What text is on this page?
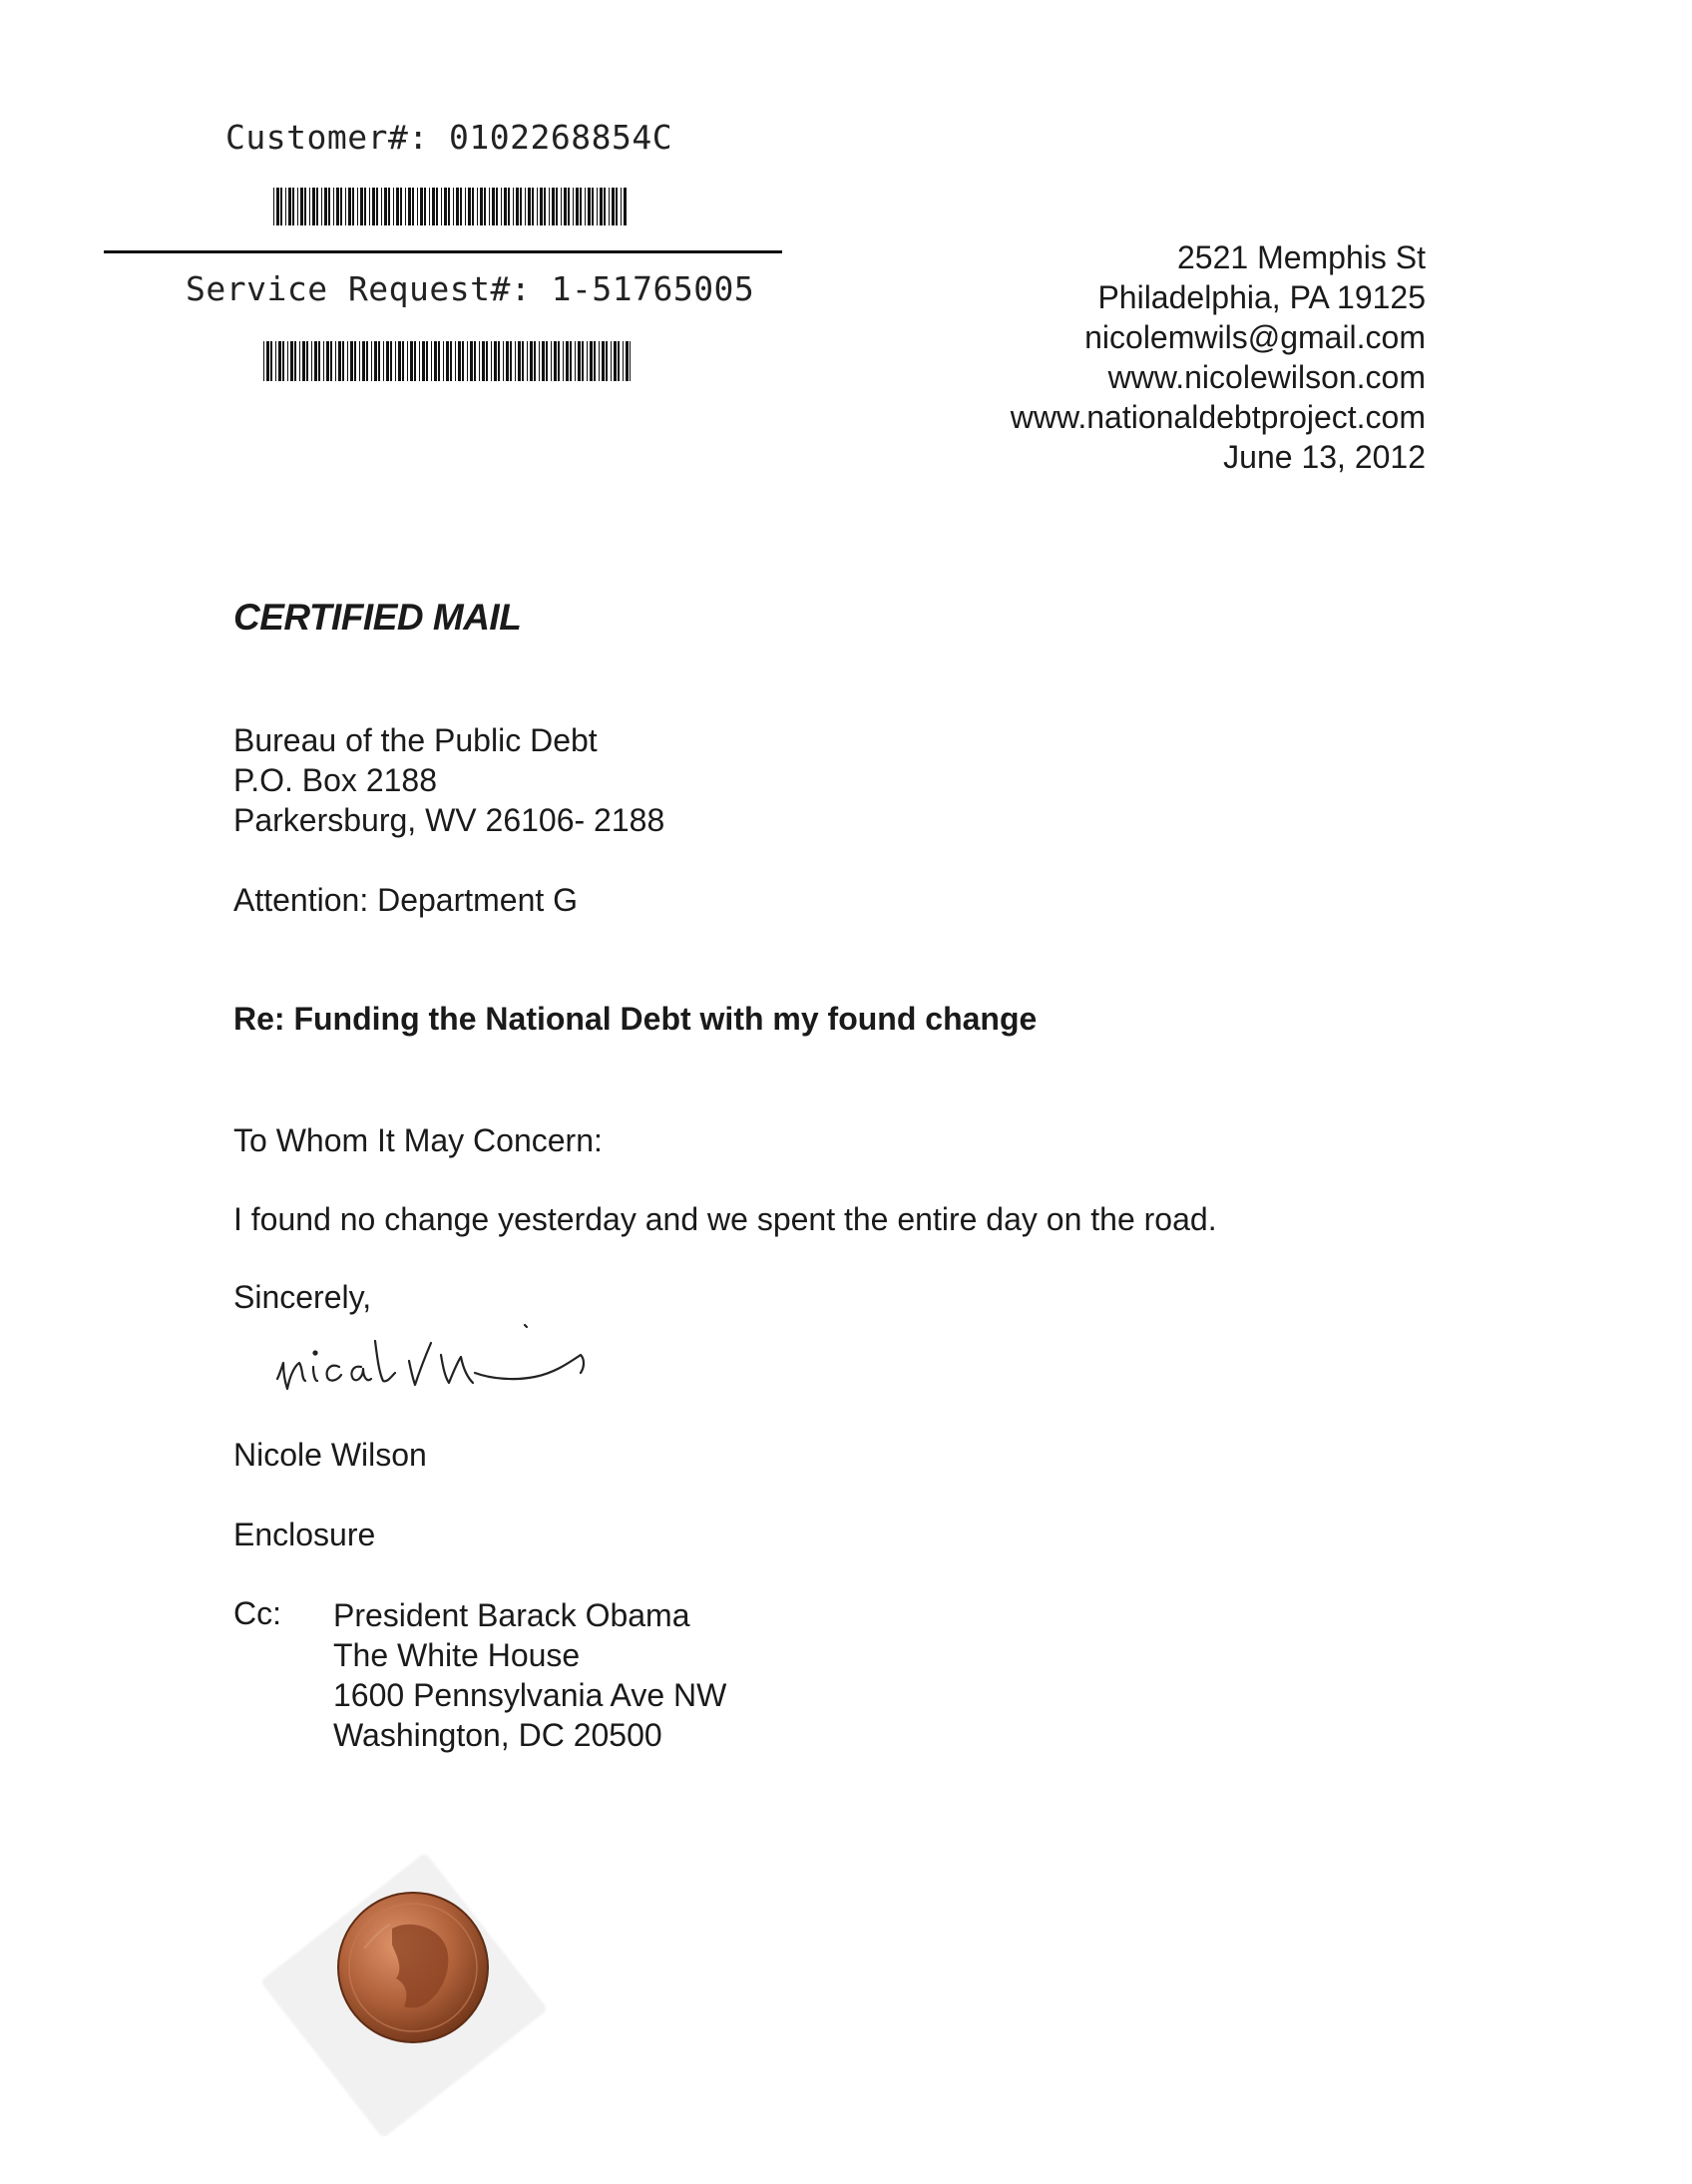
Customer#: 0102268854C
Service Request#: 1-51765005
2521 Memphis St
Philadelphia, PA 19125
nicolemwils@gmail.com
www.nicolewilson.com
www.nationaldebtproject.com
June 13, 2012
CERTIFIED MAIL
Bureau of the Public Debt
P.O. Box 2188
Parkersburg, WV 26106- 2188
Attention: Department G
Re: Funding the National Debt with my found change
To Whom It May Concern:
I found no change yesterday and we spent the entire day on the road.
Sincerely,
Nicole Wilson
Enclosure
Cc: President Barack Obama
The White House
1600 Pennsylvania Ave NW
Washington, DC 20500
